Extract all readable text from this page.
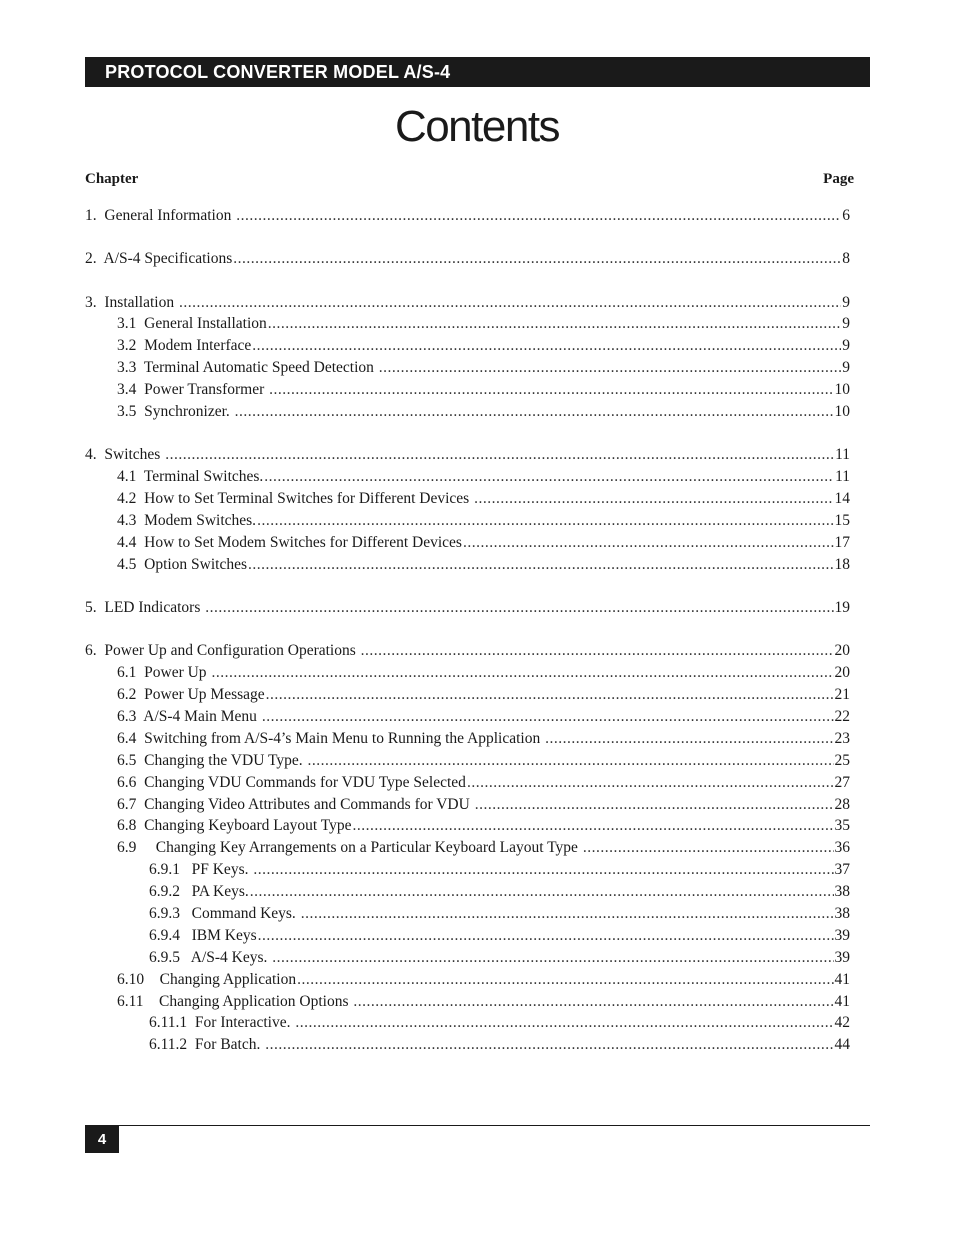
PROTOCOL CONVERTER MODEL A/S-4
Contents
Chapter	Page
1.  General Information .....	6
2.  A/S-4 Specifications .....	8
3.  Installation .....	9
3.1  General Installation .....	9
3.2  Modem Interface .....	9
3.3  Terminal Automatic Speed Detection .....	9
3.4  Power Transformer .....	10
3.5  Synchronizer. .....	10
4.  Switches .....	11
4.1  Terminal Switches. .....	11
4.2  How to Set Terminal Switches for Different Devices .....	14
4.3  Modem Switches. .....	15
4.4  How to Set Modem Switches for Different Devices .....	17
4.5  Option Switches .....	18
5.  LED Indicators .....	19
6.  Power Up and Configuration Operations .....	20
6.1  Power Up .....	20
6.2  Power Up Message .....	21
6.3  A/S-4 Main Menu .....	22
6.4  Switching from A/S-4’s Main Menu to Running the Application .....	23
6.5  Changing the VDU Type. .....	25
6.6  Changing VDU Commands for VDU Type Selected .....	27
6.7  Changing Video Attributes and Commands for VDU .....	28
6.8  Changing Keyboard Layout Type .....	35
6.9     Changing Key Arrangements on a Particular Keyboard Layout Type .....	36
6.9.1   PF Keys. .....	37
6.9.2   PA Keys. .....	38
6.9.3   Command Keys. .....	38
6.9.4   IBM Keys .....	39
6.9.5   A/S-4 Keys. .....	39
6.10    Changing Application .....	41
6.11    Changing Application Options .....	41
6.11.1  For Interactive. .....	42
6.11.2  For Batch. .....	44
4
